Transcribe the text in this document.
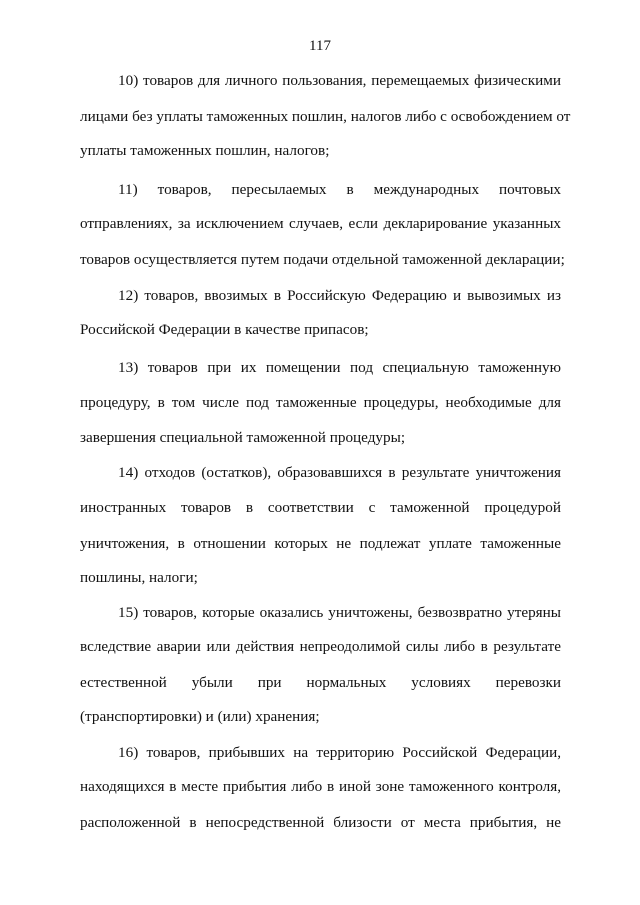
117
10) товаров для личного пользования, перемещаемых физическими
лицами без уплаты таможенных пошлин, налогов либо с освобождением от
уплаты таможенных пошлин, налогов;
11) товаров, пересылаемых в международных почтовых
отправлениях, за исключением случаев, если декларирование указанных
товаров осуществляется путем подачи отдельной таможенной декларации;
12) товаров, ввозимых в Российскую Федерацию и вывозимых из
Российской Федерации в качестве припасов;
13) товаров при их помещении под специальную таможенную
процедуру, в том числе под таможенные процедуры, необходимые для
завершения специальной таможенной процедуры;
14) отходов (остатков), образовавшихся в результате уничтожения
иностранных товаров в соответствии с таможенной процедурой
уничтожения, в отношении которых не подлежат уплате таможенные
пошлины, налоги;
15) товаров, которые оказались уничтожены, безвозвратно утеряны
вследствие аварии или действия непреодолимой силы либо в результате
естественной убыли при нормальных условиях перевозки
(транспортировки) и (или) хранения;
16) товаров, прибывших на территорию Российской Федерации,
находящихся в месте прибытия либо в иной зоне таможенного контроля,
расположенной в непосредственной близости от места прибытия, не
